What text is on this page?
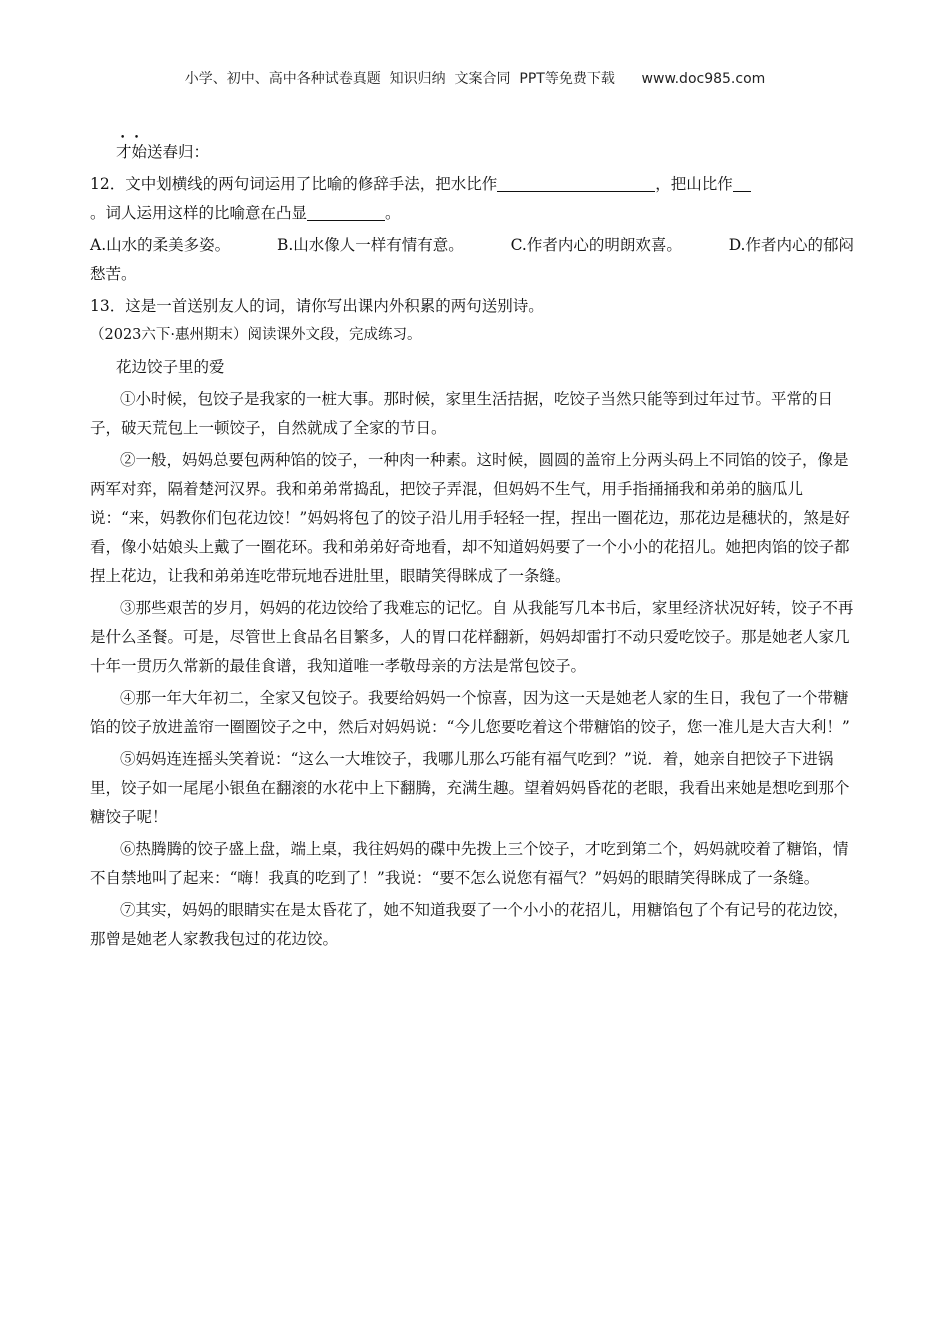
小学、初中、高中各种试卷真题  知识归纳  文案合同  PPT等免费下载      www.doc985.com

• • 才始送春归：

12．文中划横线的两句词运用了比喻的修辞手法，把水比作	，把山比作
。词人运用这样的比喻意在凸显	。

A.山水的柔美多姿。	B.山水像人一样有情有意。	C.作者内心的明朗欢喜。	D.作者内心的郁闷

愁苦。

13．这是一首送别友人的词，请你写出课内外积累的两句送别诗。

（2023六下·惠州期末）阅读课外文段，完成练习。

花边饺子里的爱

①小时候，包饺子是我家的一桩大事。那时候，家里生活拮据，吃饺子当然只能等到过年过节。平常的日子，破天荒包上一顿饺子，自然就成了全家的节日。

②一般，妈妈总要包两种馅的饺子，一种肉一种素。这时候，圆圆的盖帘上分两头码上不同馅的饺子，像是两军对弈，隔着楚河汉界。我和弟弟常捣乱，把饺子弄混，但妈妈不生气，用手指捅捅我和弟弟的脑瓜儿说：“来，妈教你们包花边饺！”妈妈将包了的饺子沿儿用手轻轻一捏，捏出一圈花边，那花边是穗状的，煞是好看，像小姑娘头上戴了一圈花环。我和弟弟好奇地看，却不知道妈妈要了一个小小的花招儿。她把肉馅的饺子都捏上花边，让我和弟弟连吃带玩地吞进肚里，眼睛笑得眯成了一条缝。

③那些艰苦的岁月，妈妈的花边饺给了我难忘的记忆。自 从我能写几本书后，家里经济状况好转，饺子不再是什么圣餐。可是，尽管世上食品名目繁多，人的胃口花样翻新，妈妈却雷打不动只爱吃饺子。那是她老人家几十年一贯历久常新的最佳食谱，我知道唯一孝敬母亲的方法是常包饺子。

④那一年大年初二，全家又包饺子。我要给妈妈一个惊喜，因为这一天是她老人家的生日，我包了一个带糖馅的饺子放进盖帘一圈圈饺子之中，然后对妈妈说：“今儿您要吃着这个带糖馅的饺子，您一准儿是大吉大利！”

⑤妈妈连连摇头笑着说：“这么一大堆饺子，我哪儿那么巧能有福气吃到？”说．着，她亲自把饺子下进锅里，饺子如一尾尾小银鱼在翻滚的水花中上下翻腾，充满生趣。望着妈妈昏花的老眼，我看出来她是想吃到那个糖饺子呢！

⑥热腾腾的饺子盛上盘，端上桌，我往妈妈的碟中先拨上三个饺子，才吃到第二个，妈妈就咬着了糖馅，情不自禁地叫了起来：“嗨！我真的吃到了！”我说：“要不怎么说您有福气？”妈妈的眼睛笑得眯成了一条缝。

⑦其实，妈妈的眼睛实在是太昏花了，她不知道我耍了一个小小的花招儿，用糖馅包了个有记号的花边饺，那曾是她老人家教我包过的花边饺。
